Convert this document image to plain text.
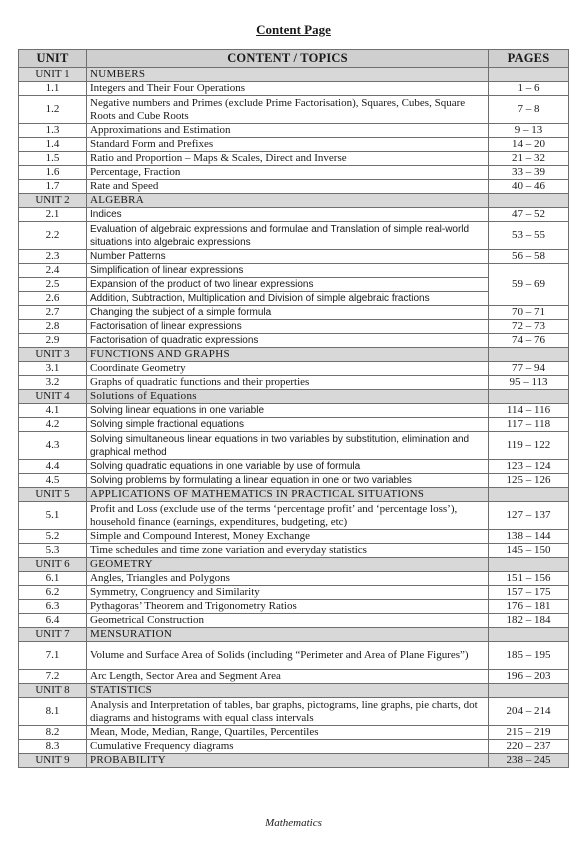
Content Page
UNIT	CONTENT / TOPICS	PAGES
UNIT 1	NUMBERS	
1.1	Integers and Their Four Operations	1 – 6
1.2	Negative numbers and Primes (exclude Prime Factorisation), Squares, Cubes, Square Roots and Cube Roots	7 – 8
1.3	Approximations and Estimation	9 – 13
1.4	Standard Form and Prefixes	14 – 20
1.5	Ratio and Proportion – Maps & Scales, Direct and Inverse	21 – 32
1.6	Percentage, Fraction	33 – 39
1.7	Rate and Speed	40 – 46
UNIT 2	ALGEBRA	
2.1	Indices	47 – 52
2.2	Evaluation of algebraic expressions and formulae and Translation of simple real-world situations into algebraic expressions	53 – 55
2.3	Number Patterns	56 – 58
2.4	Simplification of linear expressions	59 – 69
2.5	Expansion of the product of two linear expressions	
2.6	Addition, Subtraction, Multiplication and Division of simple algebraic fractions	
2.7	Changing the subject of a simple formula	70 – 71
2.8	Factorisation of linear expressions	72 – 73
2.9	Factorisation of quadratic expressions	74 – 76
UNIT 3	FUNCTIONS AND GRAPHS	
3.1	Coordinate Geometry	77 – 94
3.2	Graphs of quadratic functions and their properties	95 – 113
UNIT 4	Solutions of Equations	
4.1	Solving linear equations in one variable	114 – 116
4.2	Solving simple fractional equations	117 – 118
4.3	Solving simultaneous linear equations in two variables by substitution, elimination and graphical method	119 – 122
4.4	Solving quadratic equations in one variable by use of formula	123 – 124
4.5	Solving problems by formulating a linear equation in one or two variables	125 – 126
UNIT 5	APPLICATIONS OF MATHEMATICS IN PRACTICAL SITUATIONS	
5.1	Profit and Loss (exclude use of the terms ‘percentage profit’ and ‘percentage loss’), household finance (earnings, expenditures, budgeting, etc)	127 – 137
5.2	Simple and Compound Interest, Money Exchange	138 – 144
5.3	Time schedules and time zone variation and everyday statistics	145 – 150
UNIT 6	GEOMETRY	
6.1	Angles, Triangles and Polygons	151 – 156
6.2	Symmetry, Congruency and Similarity	157 – 175
6.3	Pythagoras’ Theorem and Trigonometry Ratios	176 – 181
6.4	Geometrical Construction	182 – 184
UNIT 7	MENSURATION	
7.1	Volume and Surface Area of Solids (including “Perimeter and Area of Plane Figures”)	185 – 195
7.2	Arc Length, Sector Area and Segment Area	196 – 203
UNIT 8	STATISTICS	
8.1	Analysis and Interpretation of tables, bar graphs, pictograms, line graphs, pie charts, dot diagrams and histograms with equal class intervals	204 – 214
8.2	Mean, Mode, Median, Range, Quartiles, Percentiles	215 – 219
8.3	Cumulative Frequency diagrams	220 – 237
UNIT 9	PROBABILITY	238 – 245
Mathematics
